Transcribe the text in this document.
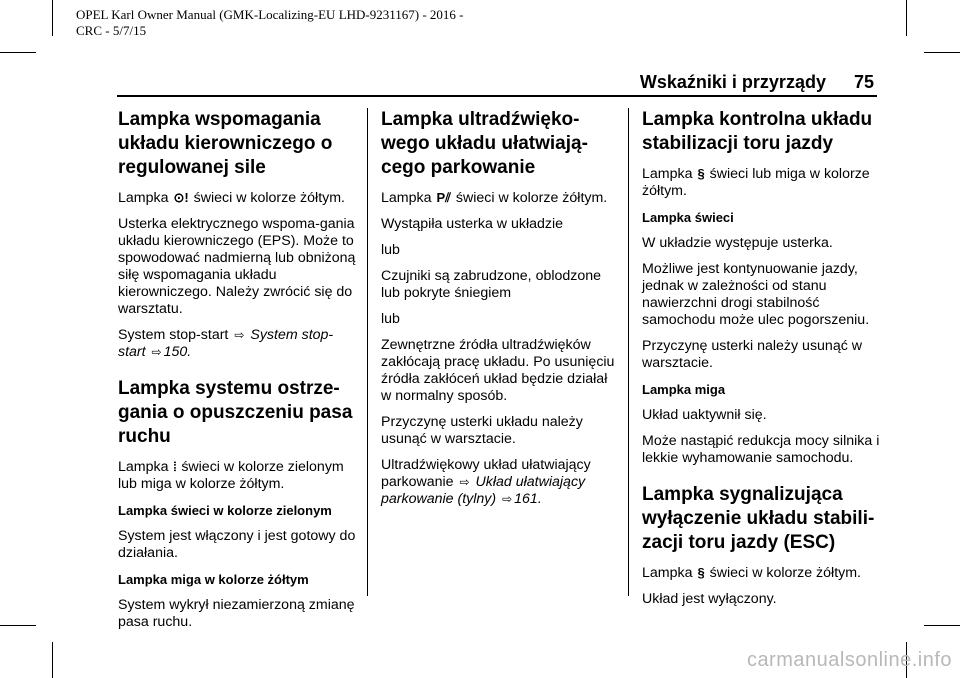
OPEL Karl Owner Manual (GMK-Localizing-EU LHD-9231167) - 2016 -
CRC - 5/7/15
Wskaźniki i przyrządy 75
Lampka wspomagania układu kierowniczego o regulowanej sile

Lampka ⊙! świeci w kolorze żółtym.

Usterka elektrycznego wspoma-gania układu kierowniczego (EPS). Może to spowodować nadmierną lub obniżoną siłę wspomagania układu kierowniczego. Należy zwrócić się do warsztatu.

System stop-start ⇨ System stop-start ⇨ 150.

Lampka systemu ostrze-gania o opuszczeniu pasa ruchu

Lampka ⦙ świeci w kolorze zielonym lub miga w kolorze żółtym.

Lampka świeci w kolorze zielonym

System jest włączony i jest gotowy do działania.

Lampka miga w kolorze żółtym

System wykrył niezamierzoną zmianę pasa ruchu.

Lampka ultradźwięko-wego układu ułatwiają-cego parkowanie

Lampka P⫽ świeci w kolorze żółtym.

Wystąpiła usterka w układzie

lub

Czujniki są zabrudzone, oblodzone lub pokryte śniegiem

lub

Zewnętrzne źródła ultradźwięków zakłócają pracę układu. Po usunięciu źródła zakłóceń układ będzie działał w normalny sposób.

Przyczynę usterki układu należy usunąć w warsztacie.

Ultradźwiękowy układ ułatwiający parkowanie ⇨ Układ ułatwiający parkowanie (tylny) ⇨ 161.

Lampka kontrolna układu stabilizacji toru jazdy

Lampka § świeci lub miga w kolorze żółtym.

Lampka świeci

W układzie występuje usterka.

Możliwe jest kontynuowanie jazdy, jednak w zależności od stanu nawierzchni drogi stabilność samochodu może ulec pogorszeniu.

Przyczynę usterki należy usunąć w warsztacie.

Lampka miga

Układ uaktywnił się.

Może nastąpić redukcja mocy silnika i lekkie wyhamowanie samochodu.

Lampka sygnalizująca wyłączenie układu stabili-zacji toru jazdy (ESC)

Lampka § świeci w kolorze żółtym.

Układ jest wyłączony.

carmanualsonline.info
